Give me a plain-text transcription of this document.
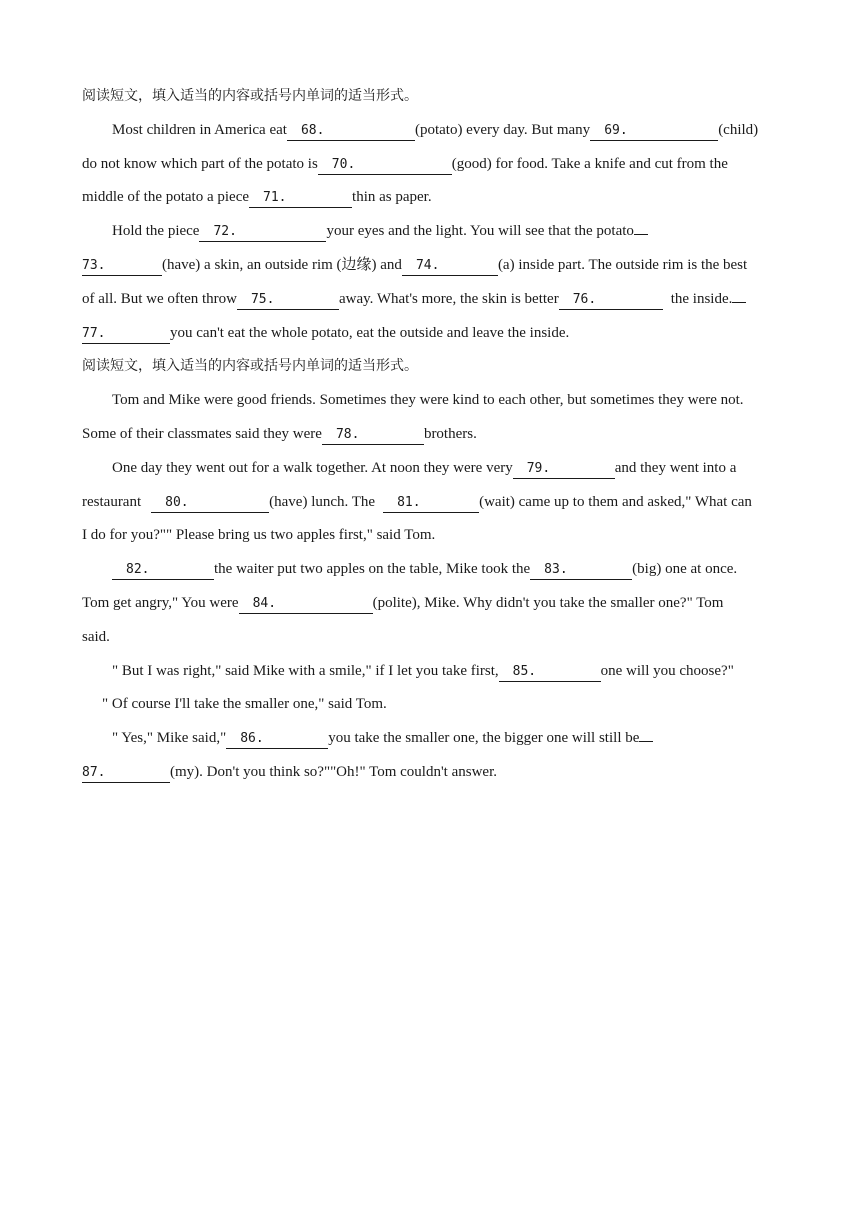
阅读短文，填入适当的内容或括号内单词的适当形式。
Most children in America eat 68.	(potato) every day. But many 69.	(child)
do not know which part of the potato is 70.	(good) for food. Take a knife and cut from the
middle of the potato a piece 71.	thin as paper.
Hold the piece 72.	your eyes and the light. You will see that the potato
73.	(have) a skin, an outside rim (边缘) and 74.	(a) inside part. The outside rim is the best
of all. But we often throw 75.	away. What's more, the skin is better 76.	the inside.
77.	you can't eat the whole potato, eat the outside and leave the inside.
阅读短文，填入适当的内容或括号内单词的适当形式。
Tom and Mike were good friends. Sometimes they were kind to each other, but sometimes they were not.
Some of their classmates said they were 78.	brothers.
One day they went out for a walk together. At noon they were very 79.	and they went into a
restaurant 80.	(have) lunch. The 81.	(wait) came up to them and asked," What can
I do for you?"" Please bring us two apples first," said Tom.
82.	the waiter put two apples on the table, Mike took the 83.	(big) one at once.
Tom get angry," You were 84.	(polite), Mike. Why didn't you take the smaller one?" Tom
said.
" But I was right," said Mike with a smile," if I let you take first, 85.	one will you choose?"
" Of course I'll take the smaller one," said Tom.
" Yes," Mike said," 86.	you take the smaller one, the bigger one will still be
87.	(my). Don't you think so?""Oh!" Tom couldn't answer.
